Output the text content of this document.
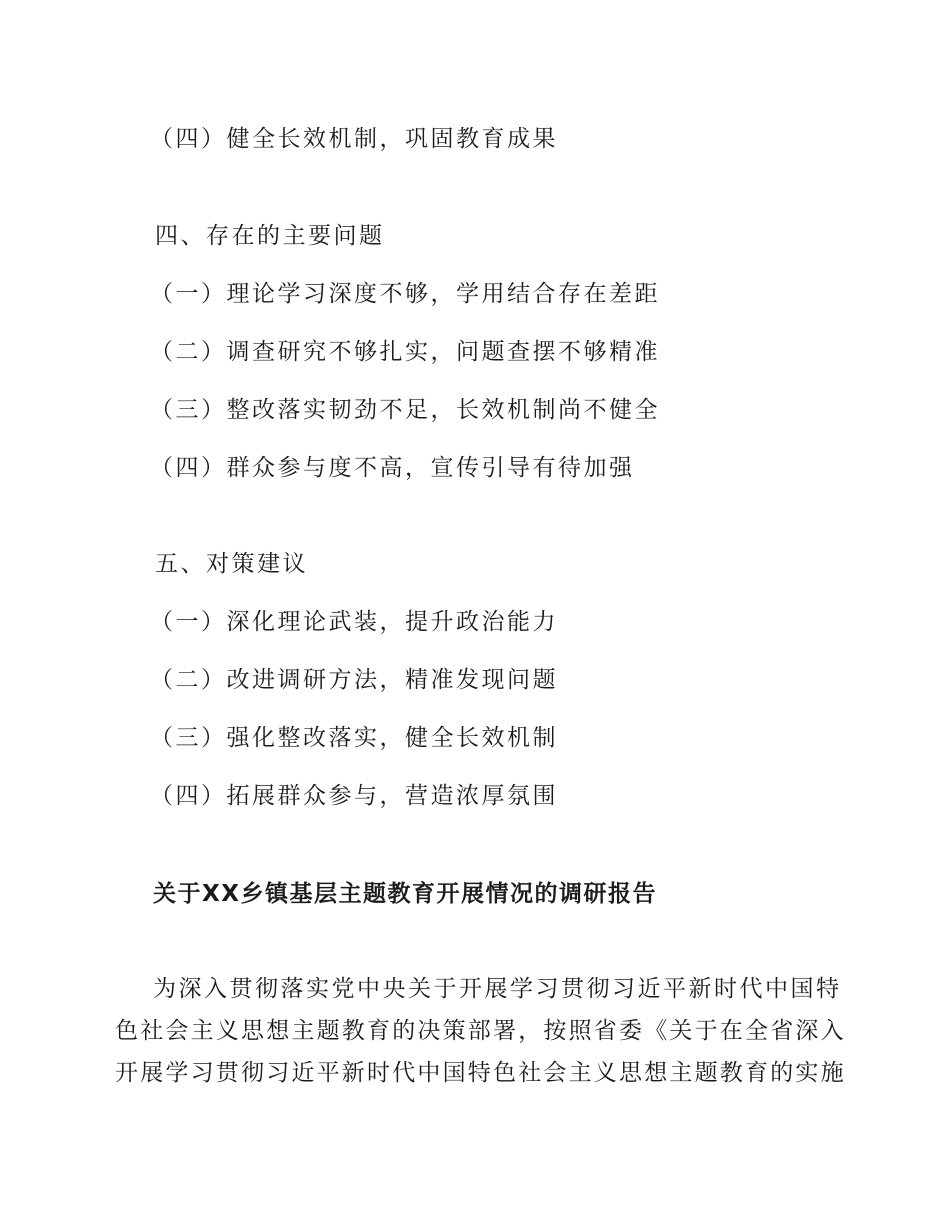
（四）健全长效机制，巩固教育成果
四、存在的主要问题
（一）理论学习深度不够，学用结合存在差距
（二）调查研究不够扎实，问题查摆不够精准
（三）整改落实韧劲不足，长效机制尚不健全
（四）群众参与度不高，宣传引导有待加强
五、对策建议
（一）深化理论武装，提升政治能力
（二）改进调研方法，精准发现问题
（三）强化整改落实，健全长效机制
（四）拓展群众参与，营造浓厚氛围
关于XX乡镇基层主题教育开展情况的调研报告
为深入贯彻落实党中央关于开展学习贯彻习近平新时代中国特
色社会主义思想主题教育的决策部署，按照省委《关于在全省深入
开展学习贯彻习近平新时代中国特色社会主义思想主题教育的实施
